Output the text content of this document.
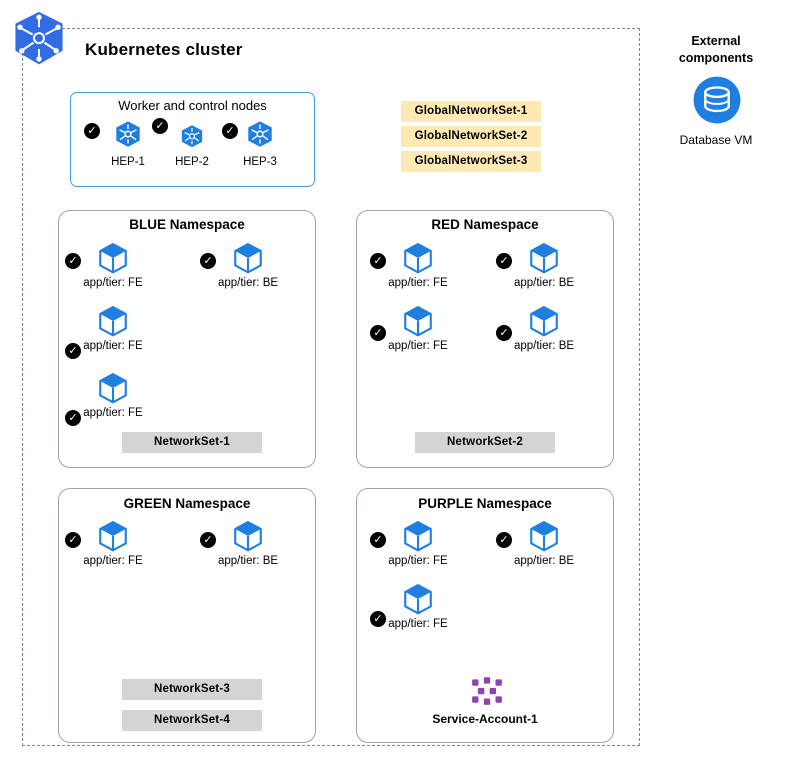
Kubernetes cluster
Worker and control nodes
HEP-1
✓
HEP-2
✓
HEP-3
✓
GlobalNetworkSet-1
GlobalNetworkSet-2
GlobalNetworkSet-3
BLUE Namespace
app/tier: FE
✓
app/tier: BE
✓
app/tier: FE
✓
app/tier: FE
✓
NetworkSet-1
RED Namespace
app/tier: FE
✓
app/tier: BE
✓
app/tier: FE
✓
app/tier: BE
✓
NetworkSet-2
GREEN Namespace
app/tier: FE
✓
app/tier: BE
✓
NetworkSet-3
NetworkSet-4
PURPLE Namespace
app/tier: FE
✓
app/tier: BE
✓
app/tier: FE
✓
Service-Account-1
External components
Database VM
